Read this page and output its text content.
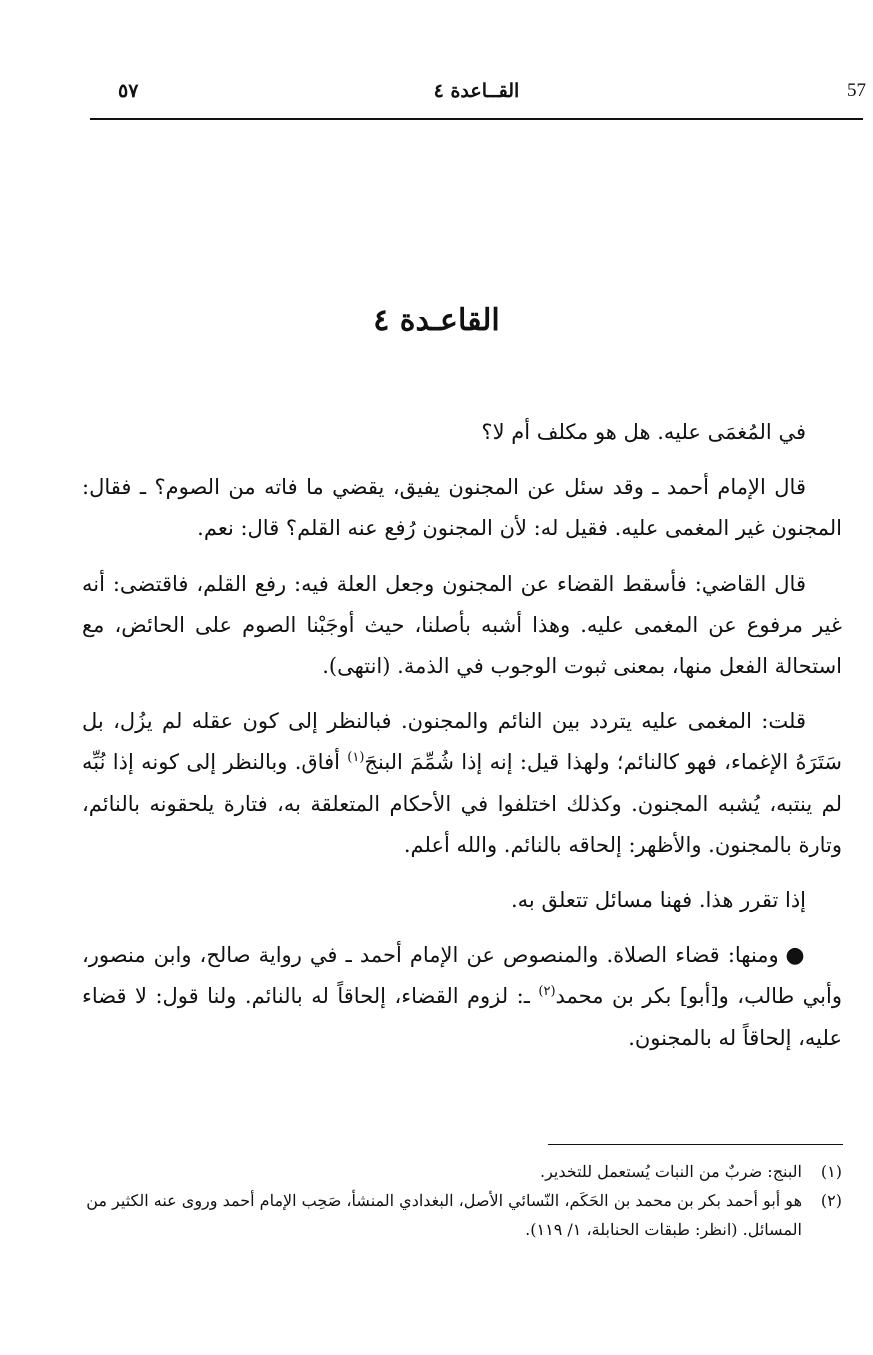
57
القــاعدة ٤
٥٧
القاعـدة ٤

في المُغمَى عليه. هل هو مكلف أم لا؟

قال الإمام أحمد ـ وقد سئل عن المجنون يفيق، يقضي ما فاته من الصوم؟ ـ فقال: المجنون غير المغمى عليه. فقيل له: لأن المجنون رُفع عنه القلم؟ قال: نعم.

قال القاضي: فأسقط القضاء عن المجنون وجعل العلة فيه: رفع القلم، فاقتضى: أنه غير مرفوع عن المغمى عليه. وهذا أشبه بأصلنا، حيث أوجَبْنا الصوم على الحائض، مع استحالة الفعل منها، بمعنى ثبوت الوجوب في الذمة. (انتهى).

قلت: المغمى عليه يتردد بين النائم والمجنون. فبالنظر إلى كون عقله لم يزُل، بل سَتَرَهُ الإغماء، فهو كالنائم؛ ولهذا قيل: إنه إذا شُمِّمَ البنجَ$^{(١)}$ أفاق. وبالنظر إلى كونه إذا نُبِّه لم ينتبه، يُشبه المجنون. وكذلك اختلفوا في الأحكام المتعلقة به، فتارة يلحقونه بالنائم، وتارة بالمجنون. والأظهر: إلحاقه بالنائم. والله أعلم.

إذا تقرر هذا. فهنا مسائل تتعلق به.

● ومنها: قضاء الصلاة. والمنصوص عن الإمام أحمد ـ في رواية صالح، وابن منصور، وأبي طالب، و[أبو] بكر بن محمد$^{(٢)}$ ـ: لزوم القضاء، إلحاقاً له بالنائم. ولنا قول: لا قضاء عليه، إلحاقاً له بالمجنون.

(١)
البنج: ضربٌ من النبات يُستعمل للتخدير.
(٢)
هو أبو أحمد بكر بن محمد بن الحَكَم، النّسائي الأصل، البغدادي المنشأ، صَحِب الإمام أحمد وروى عنه الكثير من المسائل. (انظر: طبقات الحنابلة، ١/ ١١٩).
